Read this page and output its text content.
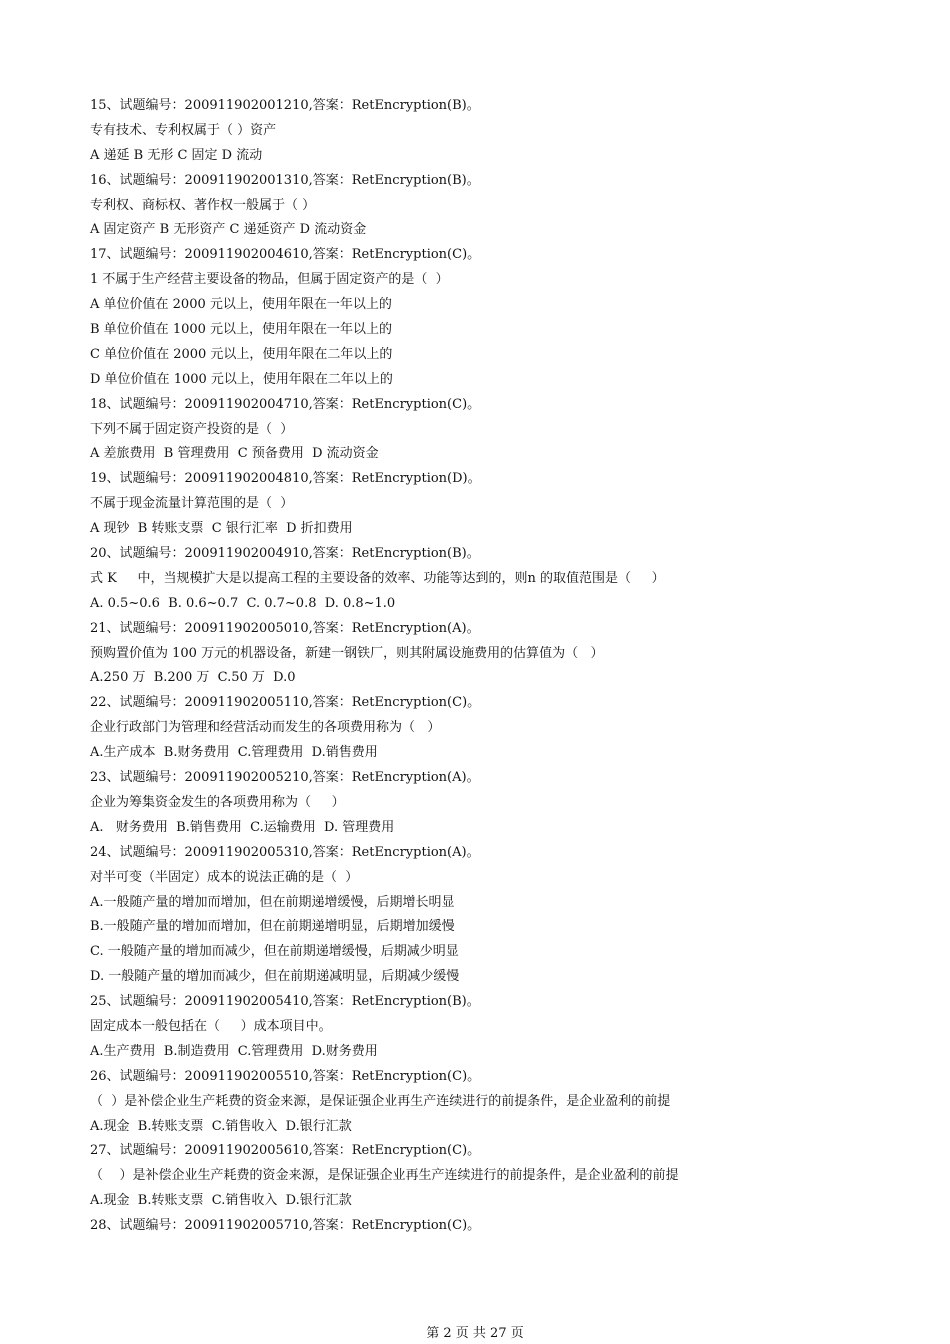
15、试题编号：200911902001210,答案：RetEncryption(B)。
专有技术、专利权属于（ ）资产
A 递延 B 无形 C 固定 D 流动
16、试题编号：200911902001310,答案：RetEncryption(B)。
专利权、商标权、著作权一般属于（ ）
A 固定资产 B 无形资产 C 递延资产 D 流动资金
17、试题编号：200911902004610,答案：RetEncryption(C)。
1 不属于生产经营主要设备的物品，但属于固定资产的是（  ）
A 单位价值在 2000 元以上，使用年限在一年以上的
B 单位价值在 1000 元以上，使用年限在一年以上的
C 单位价值在 2000 元以上，使用年限在二年以上的
D 单位价值在 1000 元以上，使用年限在二年以上的
18、试题编号：200911902004710,答案：RetEncryption(C)。
下列不属于固定资产投资的是（  ）
A 差旅费用  B 管理费用  C 预备费用  D 流动资金
19、试题编号：200911902004810,答案：RetEncryption(D)。
不属于现金流量计算范围的是（  ）
A 现钞  B 转账支票  C 银行汇率  D 折扣费用
20、试题编号：200911902004910,答案：RetEncryption(B)。
式 K     中，当规模扩大是以提高工程的主要设备的效率、功能等达到的，则n 的取值范围是（     ）
A. 0.5~0.6  B. 0.6~0.7  C. 0.7~0.8  D. 0.8~1.0
21、试题编号：200911902005010,答案：RetEncryption(A)。
预购置价值为 100 万元的机器设备，新建一钢铁厂，则其附属设施费用的估算值为（   ）
A.250 万  B.200 万  C.50 万  D.0
22、试题编号：200911902005110,答案：RetEncryption(C)。
企业行政部门为管理和经营活动而发生的各项费用称为（   ）
A.生产成本  B.财务费用  C.管理费用  D.销售费用
23、试题编号：200911902005210,答案：RetEncryption(A)。
企业为筹集资金发生的各项费用称为（     ）
A.   财务费用  B.销售费用  C.运输费用  D. 管理费用
24、试题编号：200911902005310,答案：RetEncryption(A)。
对半可变（半固定）成本的说法正确的是（  ）
A.一般随产量的增加而增加，但在前期递增缓慢，后期增长明显
B.一般随产量的增加而增加，但在前期递增明显，后期增加缓慢
C. 一般随产量的增加而减少，但在前期递增缓慢，后期减少明显
D. 一般随产量的增加而减少，但在前期递减明显，后期减少缓慢
25、试题编号：200911902005410,答案：RetEncryption(B)。
固定成本一般包括在（     ）成本项目中。
A.生产费用  B.制造费用  C.管理费用  D.财务费用
26、试题编号：200911902005510,答案：RetEncryption(C)。
（  ）是补偿企业生产耗费的资金来源，是保证强企业再生产连续进行的前提条件，是企业盈利的前提
A.现金  B.转账支票  C.销售收入  D.银行汇款
27、试题编号：200911902005610,答案：RetEncryption(C)。
（    ）是补偿企业生产耗费的资金来源，是保证强企业再生产连续进行的前提条件，是企业盈利的前提
A.现金  B.转账支票  C.销售收入  D.银行汇款
28、试题编号：200911902005710,答案：RetEncryption(C)。
第 2 页 共 27 页
